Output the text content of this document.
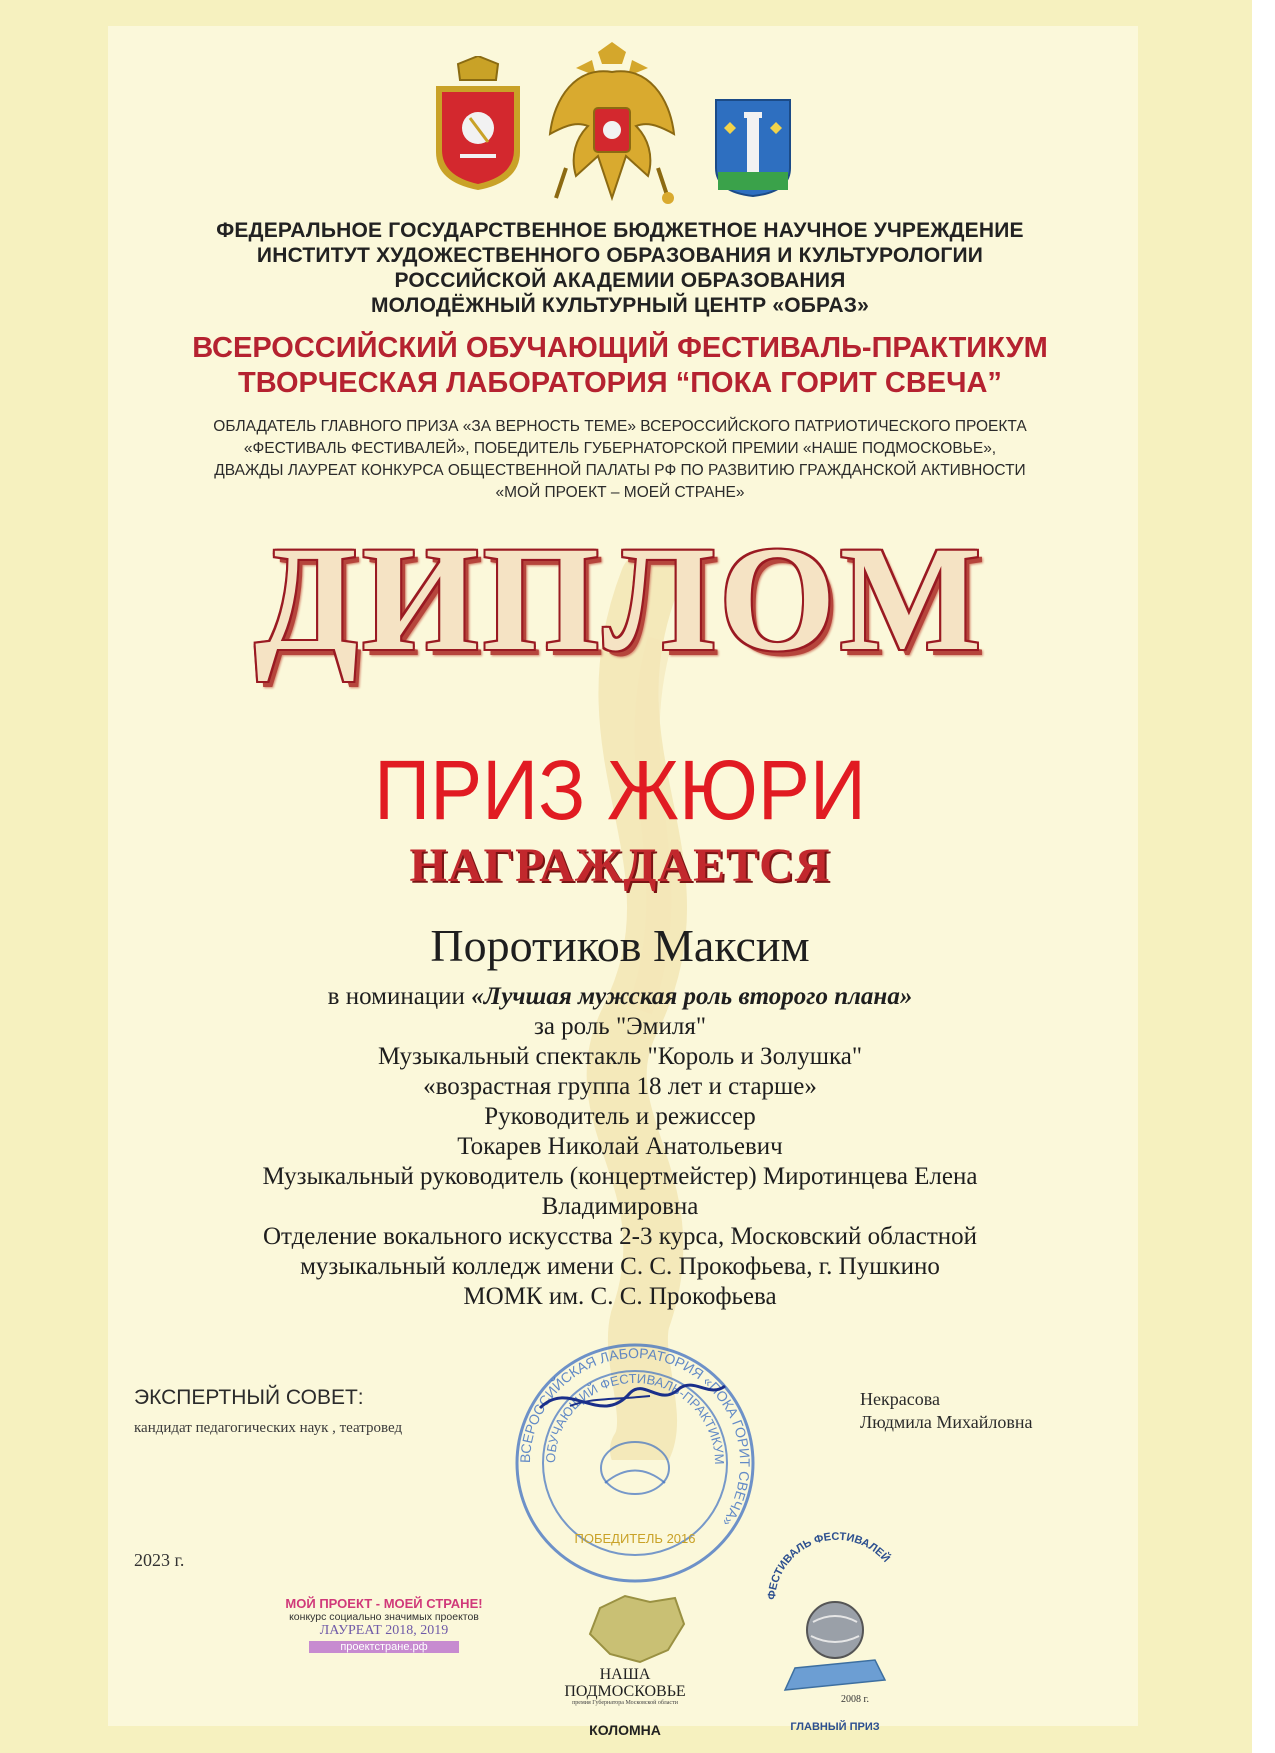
ФЕДЕРАЛЬНОЕ ГОСУДАРСТВЕННОЕ БЮДЖЕТНОЕ НАУЧНОЕ УЧРЕЖДЕНИЕ
ИНСТИТУТ ХУДОЖЕСТВЕННОГО ОБРАЗОВАНИЯ И КУЛЬТУРОЛОГИИ
РОССИЙСКОЙ АКАДЕМИИ ОБРАЗОВАНИЯ
МОЛОДЁЖНЫЙ КУЛЬТУРНЫЙ ЦЕНТР «ОБРАЗ»
ВСЕРОССИЙСКИЙ ОБУЧАЮЩИЙ ФЕСТИВАЛЬ-ПРАКТИКУМ
ТВОРЧЕСКАЯ ЛАБОРАТОРИЯ “ПОКА ГОРИТ СВЕЧА”
ОБЛАДАТЕЛЬ ГЛАВНОГО ПРИЗА «ЗА ВЕРНОСТЬ ТЕМЕ» ВСЕРОССИЙСКОГО ПАТРИОТИЧЕСКОГО ПРОЕКТА
«ФЕСТИВАЛЬ ФЕСТИВАЛЕЙ», ПОБЕДИТЕЛЬ ГУБЕРНАТОРСКОЙ ПРЕМИИ «НАШЕ ПОДМОСКОВЬЕ»,
ДВАЖДЫ ЛАУРЕАТ КОНКУРСА ОБЩЕСТВЕННОЙ ПАЛАТЫ РФ ПО РАЗВИТИЮ ГРАЖДАНСКОЙ АКТИВНОСТИ
«МОЙ ПРОЕКТ – МОЕЙ СТРАНЕ»
ДИПЛОМ
ПРИЗ ЖЮРИ
НАГРАЖДАЕТСЯ
Поротиков Максим
в номинации «Лучшая мужская роль второго плана»
за роль "Эмиля"
Музыкальный спектакль "Король и Золушка"
«возрастная группа 18 лет и старше»
Руководитель и режиссер
Токарев Николай Анатольевич
Музыкальный руководитель (концертмейстер) Миротинцева Елена
Владимировна
Отделение вокального искусства 2-3 курса, Московский областной
музыкальный колледж имени С. С. Прокофьева, г. Пушкино
МОМК им. С. С. Прокофьева
ЭКСПЕРТНЫЙ СОВЕТ:
кандидат педагогических наук , театровед
Некрасова
Людмила Михайловна
ВСЕРОССИЙСКАЯ ЛАБОРАТОРИЯ «ПОКА ГОРИТ СВЕЧА»
ОБУЧАЮЩИЙ ФЕСТИВАЛЬ-ПРАКТИКУМ
ПОБЕДИТЕЛЬ 2016
2023 г.
МОЙ ПРОЕКТ - МОЕЙ СТРАНЕ!
конкурс социально значимых проектов
ЛАУРЕАТ 2018, 2019
проектстране.рф
НАША
ПОДМОСКОВЬЕ
премия Губернатора Московской области
КОЛОМНА
ФЕСТИВАЛЬ ФЕСТИВАЛЕЙ
2008 г.
ГЛАВНЫЙ ПРИЗ
